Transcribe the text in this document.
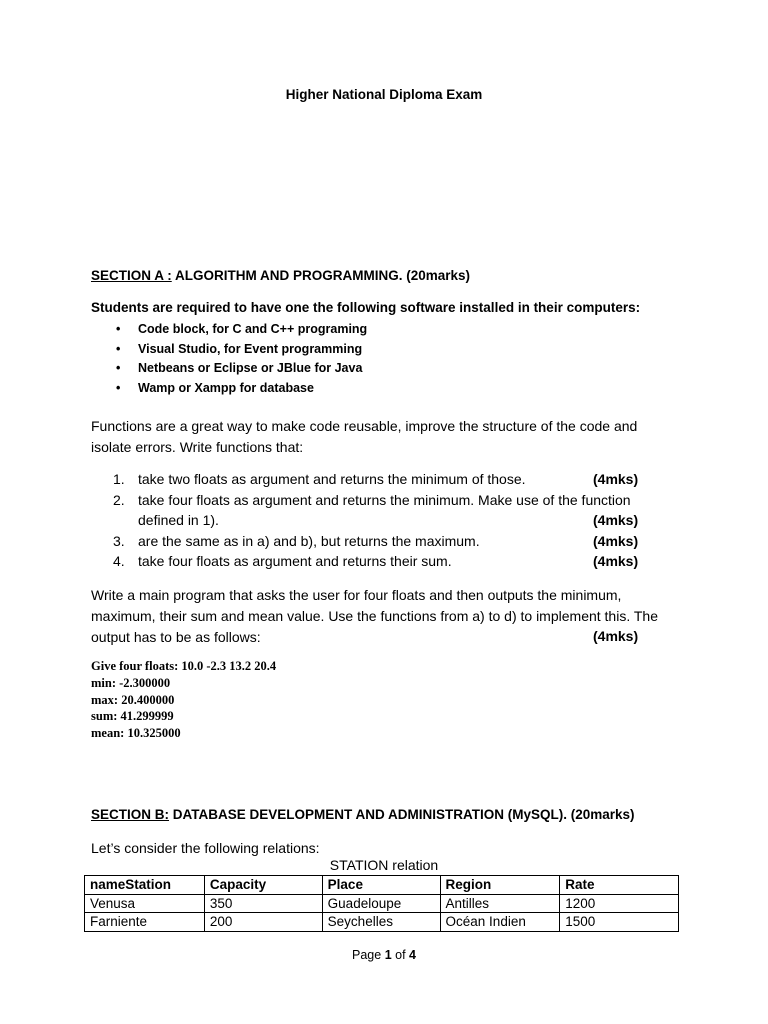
Higher National Diploma Exam
SECTION A : ALGORITHM AND PROGRAMMING. (20marks)
Students are required to have one the following software installed in their computers:
• Code block, for C and C++ programing
• Visual Studio, for Event programming
• Netbeans or Eclipse or JBlue for Java
• Wamp or Xampp for database
Functions are a great way to make code reusable, improve the structure of the code and
isolate errors. Write functions that:
1. take two floats as argument and returns the minimum of those.	(4mks)
2. take four floats as argument and returns the minimum. Make use of the function
defined in 1).	(4mks)
3. are the same as in a) and b), but returns the maximum.	(4mks)
4. take four floats as argument and returns their sum.	(4mks)
Write a main program that asks the user for four floats and then outputs the minimum,
maximum, their sum and mean value. Use the functions from a) to d) to implement this. The
output has to be as follows:	(4mks)
Give four floats: 10.0 -2.3 13.2 20.4
min: -2.300000
max: 20.400000
sum: 41.299999
mean: 10.325000
SECTION B: DATABASE DEVELOPMENT AND ADMINISTRATION (MySQL). (20marks)
Let’s consider the following relations:
STATION relation
nameStation	Capacity	Place	Region	Rate
Venusa	350	Guadeloupe	Antilles	1200
Farniente	200	Seychelles	Océan Indien	1500
Page 1 of 4
